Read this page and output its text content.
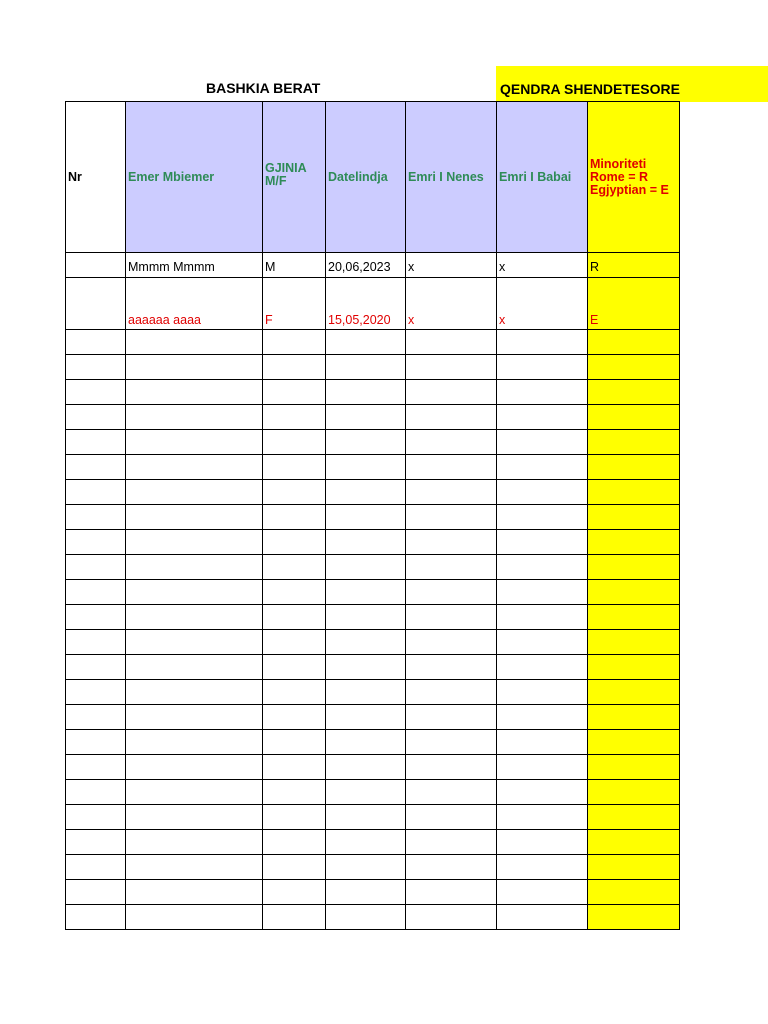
BASHKIA BERAT	QENDRA SHENDETESORE
Nr	Emer Mbiemer	GJINIA M/F	Datelindja	Emri I Nenes	Emri I Babai	Minoriteti Rome = R Egjyptian = E
	Mmmm Mmmm	M	20,06,2023	x	x	R
	aaaaaa aaaa	F	15,05,2020	x	x	E
